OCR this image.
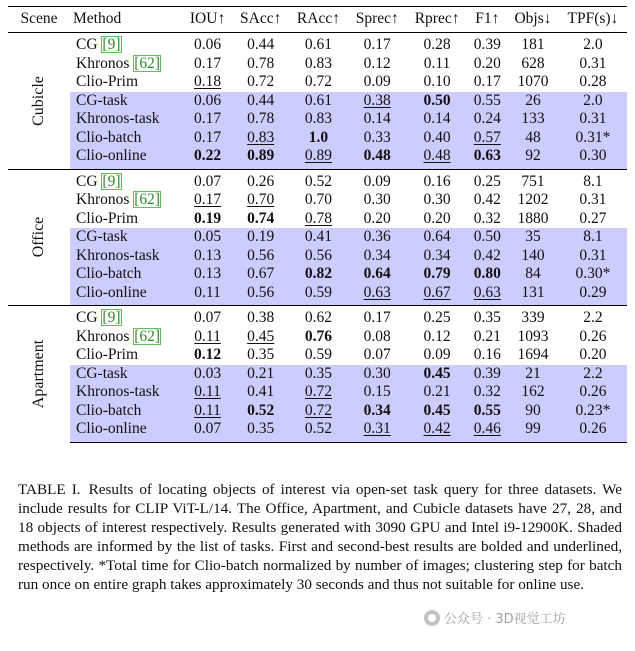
Scene	Method	IOU↑	SAcc↑	RAcc↑	Sprec↑	Rprec↑	F1↑	Objs↓	TPF(s)↓

Cubicle	CG [9]	0.06	0.44	0.61	0.17	0.28	0.39	181	2.0
	Khronos [62]	0.17	0.78	0.83	0.12	0.11	0.20	628	0.31
	Clio-Prim	0.18	0.72	0.72	0.09	0.10	0.17	1070	0.28
	CG-task	0.06	0.44	0.61	0.38	0.50	0.55	26	2.0
	Khronos-task	0.17	0.78	0.83	0.14	0.14	0.24	133	0.31
	Clio-batch	0.17	0.83	1.0	0.33	0.40	0.57	48	0.31*
	Clio-online	0.22	0.89	0.89	0.48	0.48	0.63	92	0.30

Office	CG [9]	0.07	0.26	0.52	0.09	0.16	0.25	751	8.1
	Khronos [62]	0.17	0.70	0.70	0.30	0.30	0.42	1202	0.31
	Clio-Prim	0.19	0.74	0.78	0.20	0.20	0.32	1880	0.27
	CG-task	0.05	0.19	0.41	0.36	0.64	0.50	35	8.1
	Khronos-task	0.13	0.56	0.56	0.34	0.34	0.42	140	0.31
	Clio-batch	0.13	0.67	0.82	0.64	0.79	0.80	84	0.30*
	Clio-online	0.11	0.56	0.59	0.63	0.67	0.63	131	0.29

Apartment	CG [9]	0.07	0.38	0.62	0.17	0.25	0.35	339	2.2
	Khronos [62]	0.11	0.45	0.76	0.08	0.12	0.21	1093	0.26
	Clio-Prim	0.12	0.35	0.59	0.07	0.09	0.16	1694	0.20
	CG-task	0.03	0.21	0.35	0.30	0.45	0.39	21	2.2
	Khronos-task	0.11	0.41	0.72	0.15	0.21	0.32	162	0.26
	Clio-batch	0.11	0.52	0.72	0.34	0.45	0.55	90	0.23*
	Clio-online	0.07	0.35	0.52	0.31	0.42	0.46	99	0.26

TABLE I. Results of locating objects of interest via open-set task query for three datasets. We include results for CLIP ViT-L/14. The Office, Apartment, and Cubicle datasets have 27, 28, and 18 objects of interest respectively. Results generated with 3090 GPU and Intel i9-12900K. Shaded methods are informed by the list of tasks. First and second-best results are bolded and underlined, respectively. *Total time for Clio-batch normalized by number of images; clustering step for batch run once on entire graph takes approximately 30 seconds and thus not suitable for online use.

公众号 · 3D视觉工坊
